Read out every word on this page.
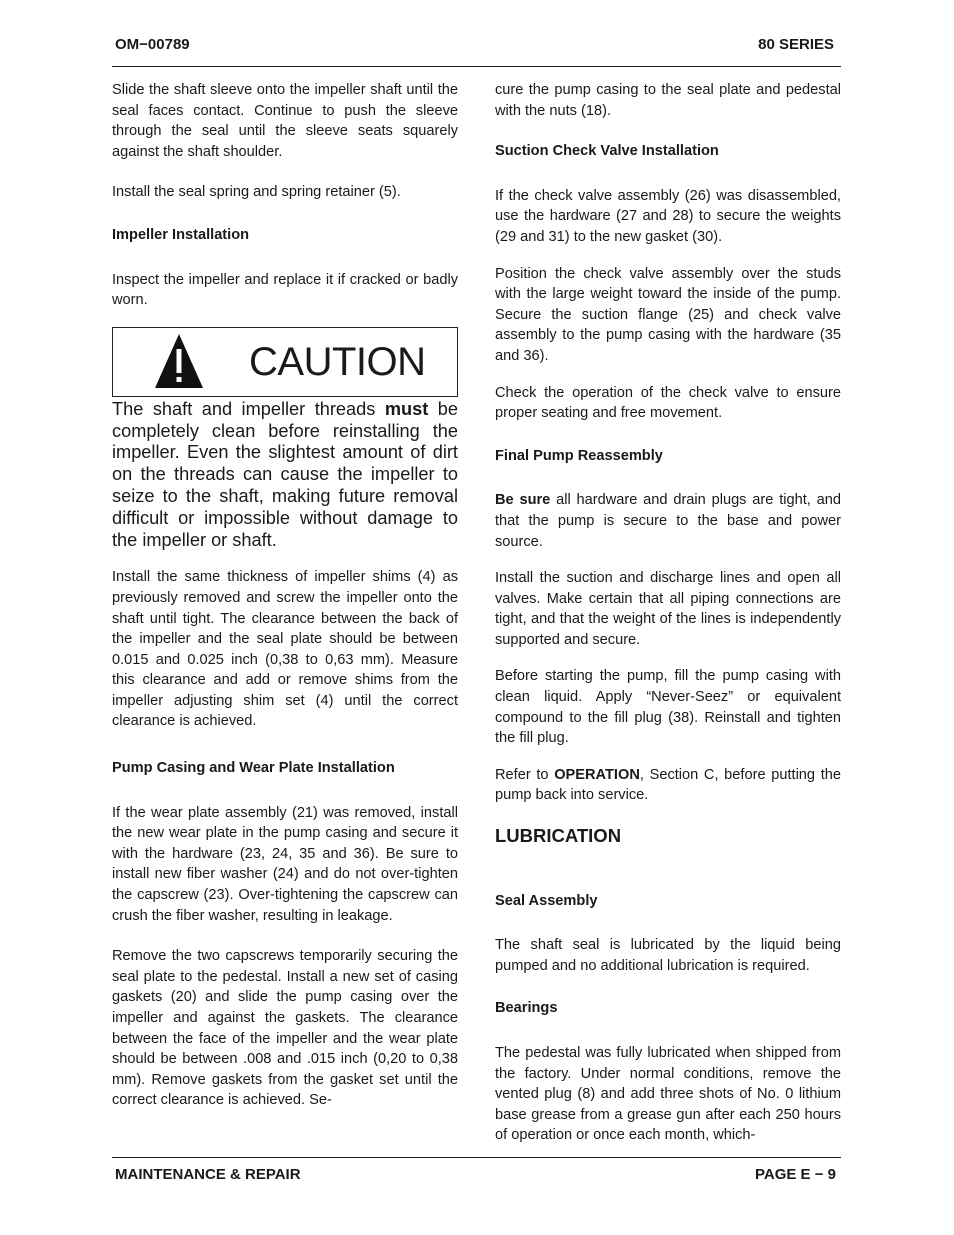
OM−00789	80 SERIES

Slide the shaft sleeve onto the impeller shaft until the seal faces contact. Continue to push the sleeve through the seal until the sleeve seats squarely against the shaft shoulder.

Install the seal spring and spring retainer (5).

Impeller Installation

Inspect the impeller and replace it if cracked or badly worn.

CAUTION

The shaft and impeller threads must be completely clean before reinstalling the impeller. Even the slightest amount of dirt on the threads can cause the impeller to seize to the shaft, making future removal difficult or impossible without damage to the impeller or shaft.

Install the same thickness of impeller shims (4) as previously removed and screw the impeller onto the shaft until tight. The clearance between the back of the impeller and the seal plate should be between 0.015 and 0.025 inch (0,38 to 0,63 mm). Measure this clearance and add or remove shims from the impeller adjusting shim set (4) until the correct clearance is achieved.

Pump Casing and Wear Plate Installation

If the wear plate assembly (21) was removed, install the new wear plate in the pump casing and secure it with the hardware (23, 24, 35 and 36). Be sure to install new fiber washer (24) and do not over-tighten the capscrew (23). Over-tightening the capscrew can crush the fiber washer, resulting in leakage.

Remove the two capscrews temporarily securing the seal plate to the pedestal. Install a new set of casing gaskets (20) and slide the pump casing over the impeller and against the gaskets. The clearance between the face of the impeller and the wear plate should be between .008 and .015 inch (0,20 to 0,38 mm). Remove gaskets from the gasket set until the correct clearance is achieved. Se-

cure the pump casing to the seal plate and pedestal with the nuts (18).

Suction Check Valve Installation

If the check valve assembly (26) was disassembled, use the hardware (27 and 28) to secure the weights (29 and 31) to the new gasket (30).

Position the check valve assembly over the studs with the large weight toward the inside of the pump. Secure the suction flange (25) and check valve assembly to the pump casing with the hardware (35 and 36).

Check the operation of the check valve to ensure proper seating and free movement.

Final Pump Reassembly

Be sure all hardware and drain plugs are tight, and that the pump is secure to the base and power source.

Install the suction and discharge lines and open all valves. Make certain that all piping connections are tight, and that the weight of the lines is independently supported and secure.

Before starting the pump, fill the pump casing with clean liquid. Apply “Never-Seez” or equivalent compound to the fill plug (38). Reinstall and tighten the fill plug.

Refer to OPERATION, Section C, before putting the pump back into service.

LUBRICATION
Seal Assembly

The shaft seal is lubricated by the liquid being pumped and no additional lubrication is required.

Bearings

The pedestal was fully lubricated when shipped from the factory. Under normal conditions, remove the vented plug (8) and add three shots of No. 0 lithium base grease from a grease gun after each 250 hours of operation or once each month, which-

MAINTENANCE & REPAIR	PAGE E − 9
